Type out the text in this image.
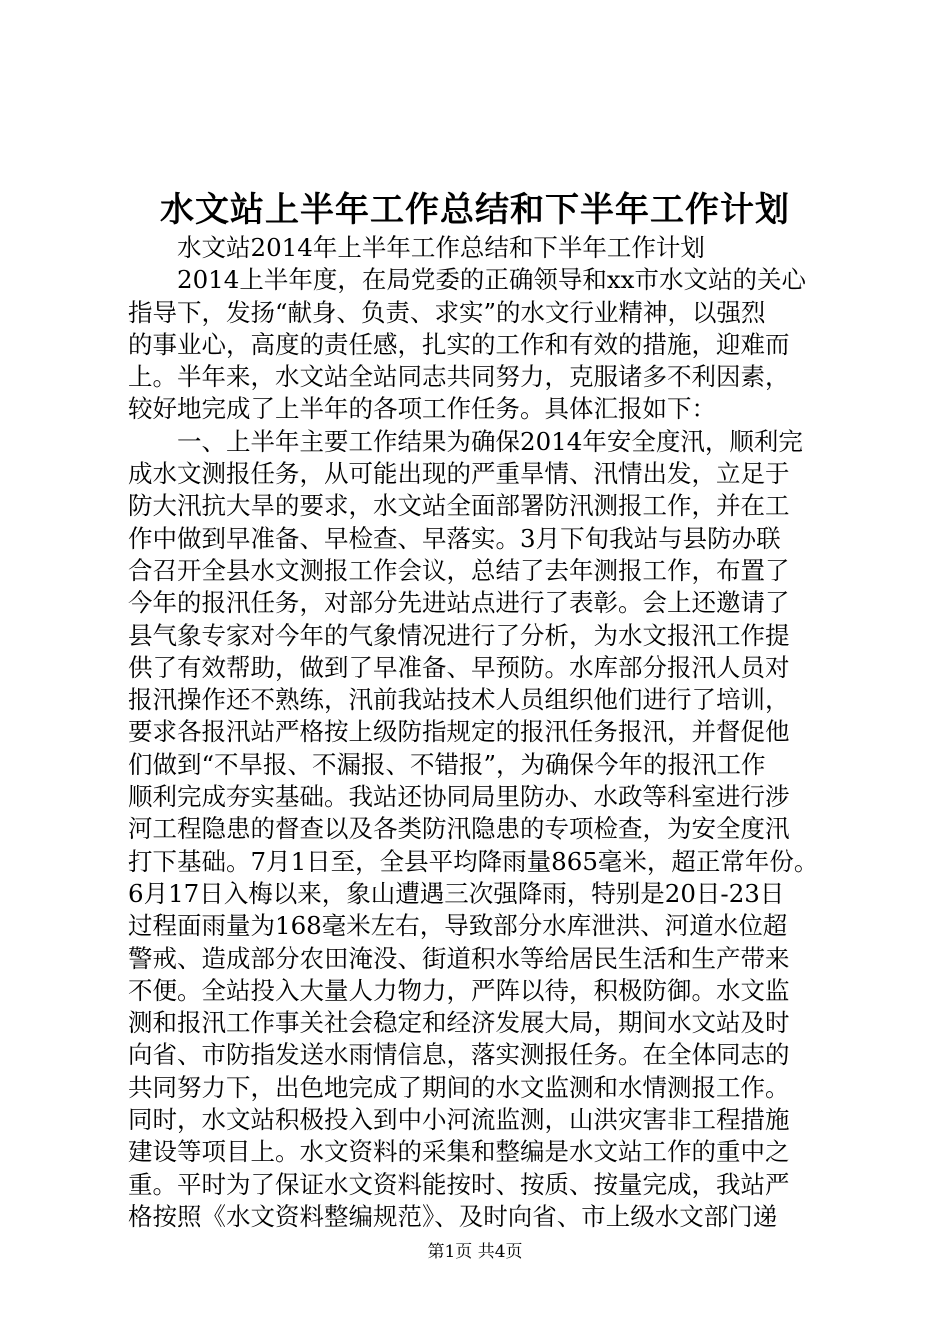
水文站上半年工作总结和下半年工作计划
水文站2014年上半年工作总结和下半年工作计划
2014上半年度，在局党委的正确领导和xx市水文站的关心
指导下，发扬“献身、负责、求实”的水文行业精神，以强烈
的事业心，高度的责任感，扎实的工作和有效的措施，迎难而
上。半年来，水文站全站同志共同努力，克服诸多不利因素，
较好地完成了上半年的各项工作任务。具体汇报如下：
一、上半年主要工作结果为确保2014年安全度汛，顺利完
成水文测报任务，从可能出现的严重旱情、汛情出发，立足于
防大汛抗大旱的要求，水文站全面部署防汛测报工作，并在工
作中做到早准备、早检查、早落实。3月下旬我站与县防办联
合召开全县水文测报工作会议，总结了去年测报工作，布置了
今年的报汛任务，对部分先进站点进行了表彰。会上还邀请了
县气象专家对今年的气象情况进行了分析，为水文报汛工作提
供了有效帮助，做到了早准备、早预防。水库部分报汛人员对
报汛操作还不熟练，汛前我站技术人员组织他们进行了培训，
要求各报汛站严格按上级防指规定的报汛任务报汛，并督促他
们做到“不旱报、不漏报、不错报”，为确保今年的报汛工作
顺利完成夯实基础。我站还协同局里防办、水政等科室进行涉
河工程隐患的督查以及各类防汛隐患的专项检查，为安全度汛
打下基础。7月1日至，全县平均降雨量865毫米，超正常年份。
6月17日入梅以来，象山遭遇三次强降雨，特别是20日-23日
过程面雨量为168毫米左右，导致部分水库泄洪、河道水位超
警戒、造成部分农田淹没、街道积水等给居民生活和生产带来
不便。全站投入大量人力物力，严阵以待，积极防御。水文监
测和报汛工作事关社会稳定和经济发展大局，期间水文站及时
向省、市防指发送水雨情信息，落实测报任务。在全体同志的
共同努力下，出色地完成了期间的水文监测和水情测报工作。
同时，水文站积极投入到中小河流监测，山洪灾害非工程措施
建设等项目上。水文资料的采集和整编是水文站工作的重中之
重。平时为了保证水文资料能按时、按质、按量完成，我站严
格按照《水文资料整编规范》、及时向省、市上级水文部门递
第1页 共4页
